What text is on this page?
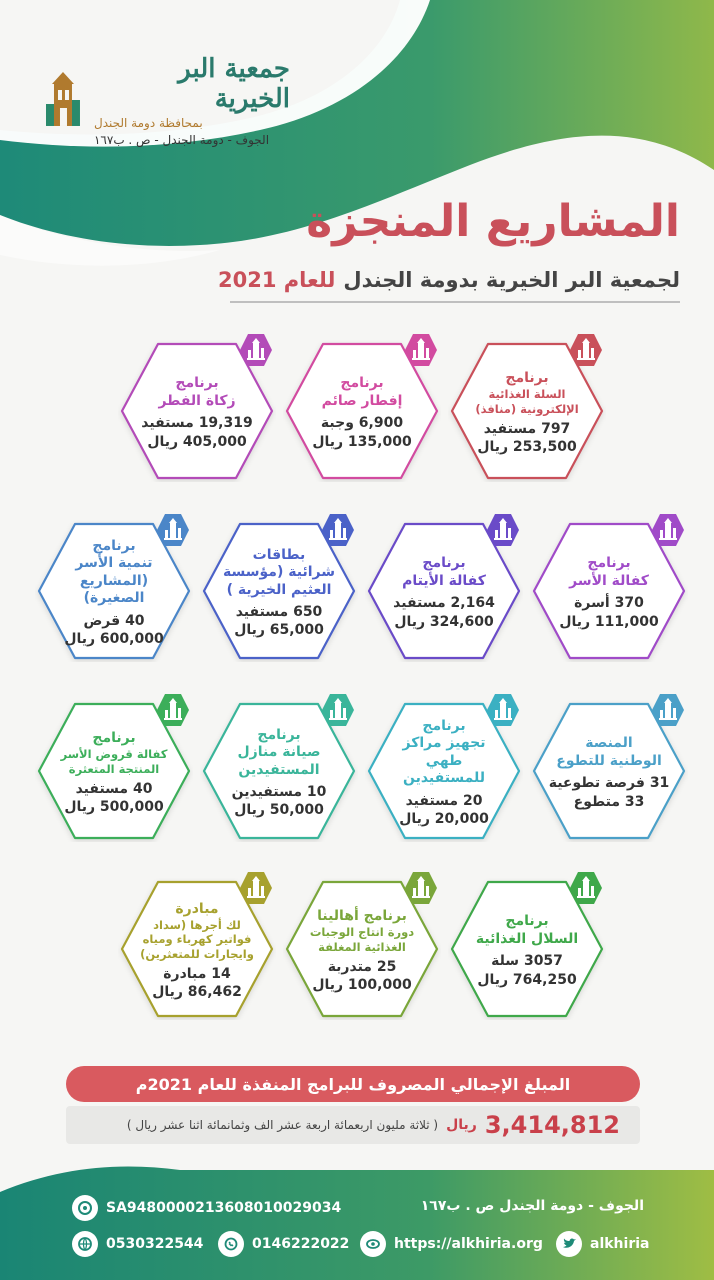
جمعية البر الخيرية
بمحافظة دومة الجندل
الجوف - دومة الجندل - ص . ب١٦٧
المشاريع المنجزة
لجمعية البر الخيرية بدومة الجندل
للعام 2021
برنامج
السلة الغذائية الإلكترونية (منافذ)
797 مستفيد
253,500 ريال
برنامج
إفطار صائم
6,900 وجبة
135,000 ريال
برنامج
زكاة الفطر
19,319 مستفيد
405,000 ريال
برنامج
كفالة الأسر
370 أسرة
111,000 ريال
برنامج
كفالة الأيتام
2,164 مستفيد
324,600 ريال
بطاقات
شرائية (مؤسسة العثيم الخيرية )
650 مستفيد
65,000 ريال
برنامج
تنمية الأسر (المشاريع الصغيرة)
40 قرض
600,000 ريال
المنصة
الوطنية للتطوع
31 فرصة تطوعية
33 متطوع
برنامج
تجهيز مراكز طهي للمستفيدين
20 مستفيد
20,000 ريال
برنامج
صيانة منازل المستفيدين
10 مستفيدين
50,000 ريال
برنامج
كفالة قروض الأسر المنتجة المتعثرة
40 مستفيد
500,000 ريال
برنامج
السلال الغذائية
3057 سلة
764,250 ريال
برنامج أهالينا
دورة انتاج الوجبات الغذائية المغلفة
25 متدربة
100,000 ريال
مبادرة
لك أجرها (سداد فواتير كهرباء ومياه وايجارات للمتعثرين)
14 مبادرة
86,462 ريال
المبلغ الإجمالي المصروف للبرامج المنفذة للعام 2021م
3,414,812
ريال
( ثلاثة مليون اربعمائة اربعة عشر الف وثمانمائة اثنا عشر ريال )
الجوف - دومة الجندل ص . ب١٦٧
SA9480000213608010029034
alkhiria
https://alkhiria.org
0146222022
0530322544
